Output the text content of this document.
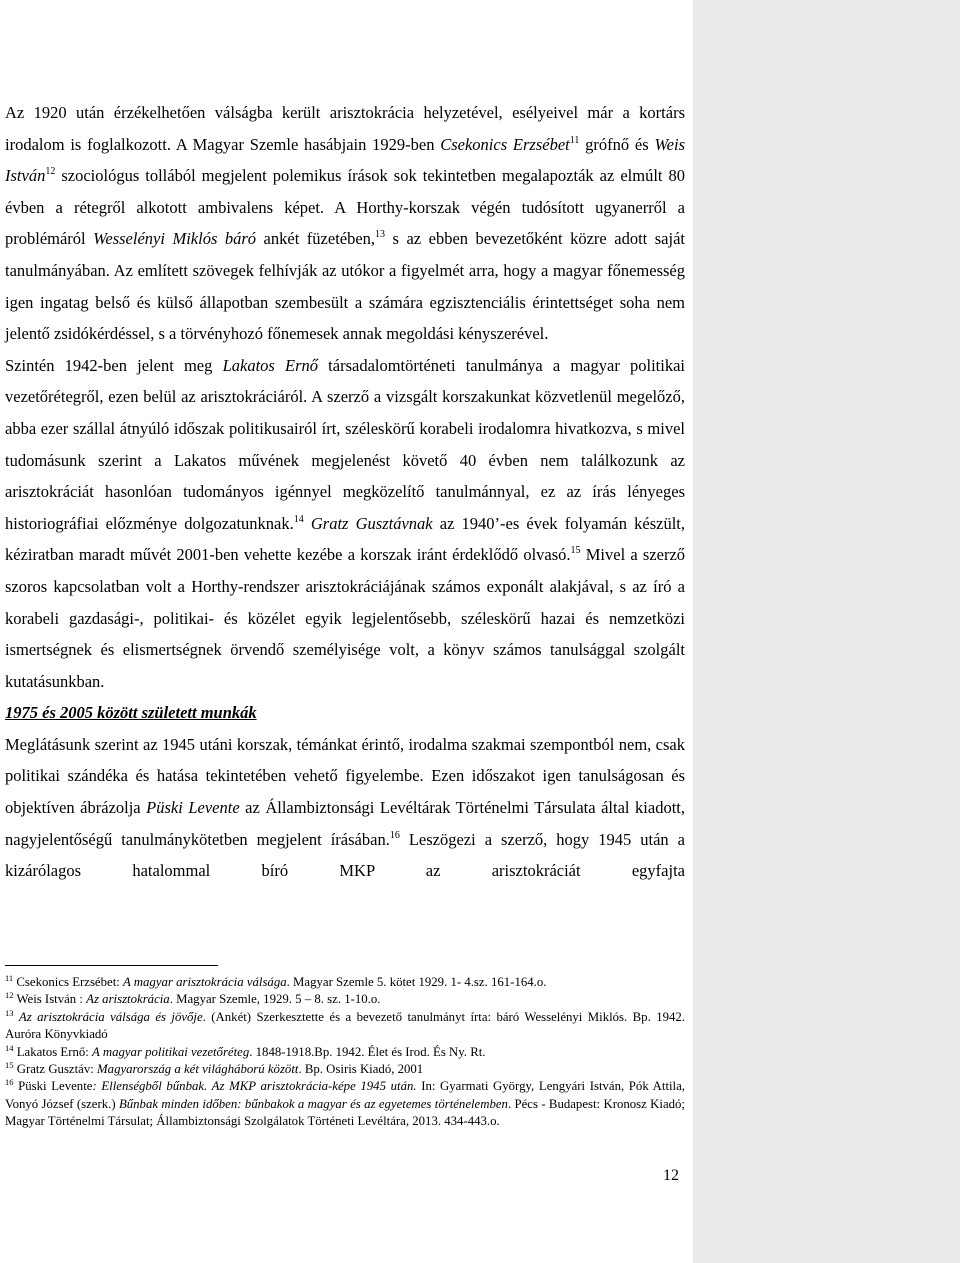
Az 1920 után érzékelhetően válságba került arisztokrácia helyzetével, esélyeivel már a kortárs irodalom is foglalkozott. A Magyar Szemle hasábjain 1929-ben Csekonics Erzsébet$^{11}$ grófnő és Weis István$^{12}$ szociológus tollából megjelent polemikus írások sok tekintetben megalapozták az elmúlt 80 évben a rétegről alkotott ambivalens képet. A Horthy-korszak végén tudósított ugyanerről a problémáról Wesselényi Miklós báró ankét füzetében,$^{13}$ s az ebben bevezetőként közre adott saját tanulmányában. Az említett szövegek felhívják az utókor a figyelmét arra, hogy a magyar főnemesség igen ingatag belső és külső állapotban szembesült a számára egzisztenciális érintettséget soha nem jelentő zsidókérdéssel, s a törvényhozó főnemesek annak megoldási kényszerével.

Szintén 1942-ben jelent meg Lakatos Ernő társadalomtörténeti tanulmánya a magyar politikai vezetőrétegről, ezen belül az arisztokráciáról. A szerző a vizsgált korszakunkat közvetlenül megelőző, abba ezer szállal átnyúló időszak politikusairól írt, széleskörű korabeli irodalomra hivatkozva, s mivel tudomásunk szerint a Lakatos művének megjelenést követő 40 évben nem találkozunk az arisztokráciát hasonlóan tudományos igénnyel megközelítő tanulmánnyal, ez az írás lényeges historiográfiai előzménye dolgozatunknak.$^{14}$ Gratz Gusztávnak az 1940’-es évek folyamán készült, kéziratban maradt művét 2001-ben vehette kezébe a korszak iránt érdeklődő olvasó.$^{15}$ Mivel a szerző szoros kapcsolatban volt a Horthy-rendszer arisztokráciájának számos exponált alakjával, s az író a korabeli gazdasági-, politikai- és közélet egyik legjelentősebb, széleskörű hazai és nemzetközi ismertségnek és elismertségnek örvendő személyisége volt, a könyv számos tanulsággal szolgált kutatásunkban.

1975 és 2005 között született munkák

Meglátásunk szerint az 1945 utáni korszak, témánkat érintő, irodalma szakmai szempontból nem, csak politikai szándéka és hatása tekintetében vehető figyelembe. Ezen időszakot igen tanulságosan és objektíven ábrázolja Püski Levente az Állambiztonsági Levéltárak Történelmi Társulata által kiadott, nagyjelentőségű tanulmánykötetben megjelent írásában.$^{16}$ Leszögezi a szerző, hogy 1945 után a kizárólagos hatalommal bíró MKP az arisztokráciát egyfajta

$^{11}$ Csekonics Erzsébet: A magyar arisztokrácia válsága. Magyar Szemle 5. kötet 1929. 1- 4.sz. 161-164.o.

$^{12}$ Weis István : Az arisztokrácia. Magyar Szemle, 1929. 5 – 8. sz. 1-10.o.

$^{13}$ Az arisztokrácia válsága és jövője. (Ankét) Szerkesztette és a bevezető tanulmányt írta: báró Wesselényi Miklós. Bp. 1942. Auróra Könyvkiadó

$^{14}$ Lakatos Ernő: A magyar politikai vezetőréteg. 1848-1918.Bp. 1942. Élet és Irod. És Ny. Rt.

$^{15}$ Gratz Gusztáv: Magyarország a két világháború között. Bp. Osiris Kiadó, 2001

$^{16}$ Püski Levente: Ellenségből bűnbak. Az MKP arisztokrácia-képe 1945 után. In: Gyarmati György, Lengyári István, Pók Attila, Vonyó József (szerk.) Bűnbak minden időben: bűnbakok a magyar és az egyetemes történelemben. Pécs - Budapest: Kronosz Kiadó; Magyar Történelmi Társulat; Állambiztonsági Szolgálatok Történeti Levéltára, 2013. 434-443.o.

12
